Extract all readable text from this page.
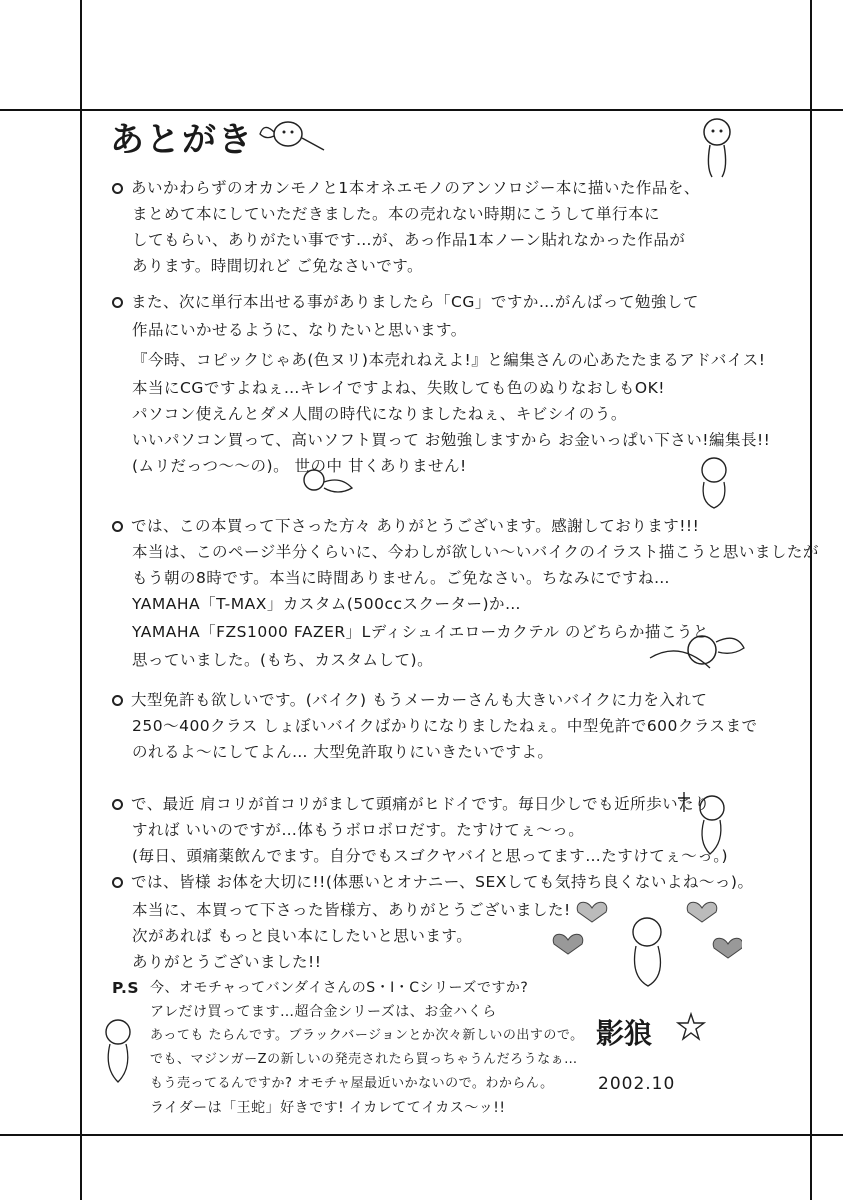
あとがき
あいかわらずのオカンモノと1本オネエモノのアンソロジー本に描いた作品を、
まとめて本にしていただきました。本の売れない時期にこうして単行本に
してもらい、ありがたい事です…が、あっ作品1本ノーン貼れなかった作品が
あります。時間切れど ご免なさいです。
また、次に単行本出せる事がありましたら「CG」ですか…がんばって勉強して
作品にいかせるように、なりたいと思います。
『今時、コピックじゃあ(色ヌリ)本売れねえよ!』と編集さんの心あたたまるアドバイス!
本当にCGですよねぇ…キレイですよね、失敗しても色のぬりなおしもOK!
パソコン使えんとダメ人間の時代になりましたねぇ、キビシイのう。
いいパソコン買って、高いソフト買って お勉強しますから お金いっぱい下さい!編集長!!
(ムリだっつ〜〜の)。 世の中 甘くありません!
では、この本買って下さった方々 ありがとうございます。感謝しております!!!
本当は、このページ半分くらいに、今わしが欲しい〜いバイクのイラスト描こうと思いましたが
もう朝の8時です。本当に時間ありません。ご免なさい。ちなみにですね…
YAMAHA「T-MAX」カスタム(500ccスクーター)か…
YAMAHA「FZS1000 FAZER」Lディシュイエローカクテル のどちらか描こうと
思っていました。(もち、カスタムして)。
大型免許も欲しいです。(バイク) もうメーカーさんも大きいバイクに力を入れて
250〜400クラス しょぼいバイクばかりになりましたねぇ。中型免許で600クラスまで
のれるよ〜にしてよん… 大型免許取りにいきたいですよ。
で、最近 肩コリが首コリがまして頭痛がヒドイです。毎日少しでも近所歩いたり
すれば いいのですが…体もうボロボロだす。たすけてぇ〜っ。
(毎日、頭痛薬飲んでます。自分でもスゴクヤバイと思ってます…たすけてぇ〜っ。)
では、皆様 お体を大切に!!(体悪いとオナニー、SEXしても気持ち良くないよね〜っ)。
本当に、本買って下さった皆様方、ありがとうございました!
次があれば もっと良い本にしたいと思います。
ありがとうございました!!
P.S 今、オモチャってバンダイさんのS・I・Cシリーズですか?
アレだけ買ってます…超合金シリーズは、お金ハくら
あっても たらんです。ブラックバージョンとか次々新しいの出すので。
でも、マジンガーZの新しいの発売されたら買っちゃうんだろうなぁ…
もう売ってるんですか? オモチャ屋最近いかないので。わからん。
ライダーは「王蛇」好きです! イカレててイカス〜ッ!!
影狼
2002.10
